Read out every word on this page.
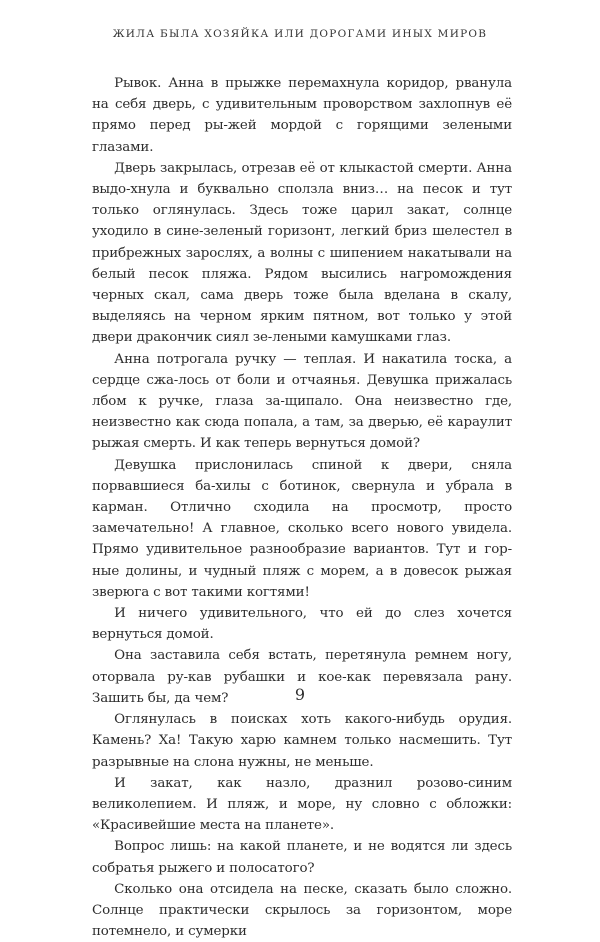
ЖИЛА БЫЛА ХОЗЯЙКА ИЛИ ДОРОГАМИ ИНЫХ МИРОВ

Рывок. Анна в прыжке перемахнула коридор, рванула на себя дверь, с удивительным проворством захлопнув её прямо перед ры-жей мордой с горящими зелеными глазами.

Дверь закрылась, отрезав её от клыкастой смерти. Анна выдо-хнула и буквально сползла вниз… на песок и тут только оглянулась. Здесь тоже царил закат, солнце уходило в сине-зеленый горизонт, легкий бриз шелестел в прибрежных зарослях, а волны с шипением накатывали на белый песок пляжа. Рядом высились нагромождения черных скал, сама дверь тоже была вделана в скалу, выделяясь на черном ярким пятном, вот только у этой двери дракончик сиял зе-леными камушками глаз.

Анна потрогала ручку — теплая. И накатила тоска, а сердце сжа-лось от боли и отчаянья. Девушка прижалась лбом к ручке, глаза за-щипало. Она неизвестно где, неизвестно как сюда попала, а там, за дверью, её караулит рыжая смерть. И как теперь вернуться домой?

Девушка прислонилась спиной к двери, сняла порвавшиеся ба-хилы с ботинок, свернула и убрала в карман. Отлично сходила на просмотр, просто замечательно! А главное, сколько всего нового увидела. Прямо удивительное разнообразие вариантов. Тут и гор-ные долины, и чудный пляж с морем, а в довесок рыжая зверюга с вот такими когтями!

И ничего удивительного, что ей до слез хочется вернуться домой.

Она заставила себя встать, перетянула ремнем ногу, оторвала ру-кав рубашки и кое-как перевязала рану. Зашить бы, да чем?

Оглянулась в поисках хоть какого-нибудь орудия. Камень? Ха! Такую харю камнем только насмешить. Тут разрывные на слона нужны, не меньше.

И закат, как назло, дразнил розово-синим великолепием. И пляж, и море, ну словно с обложки: «Красивейшие места на планете».

Вопрос лишь: на какой планете, и не водятся ли здесь собратья рыжего и полосатого?

Сколько она отсидела на песке, сказать было сложно. Солнце практически скрылось за горизонтом, море потемнело, и сумерки

9
